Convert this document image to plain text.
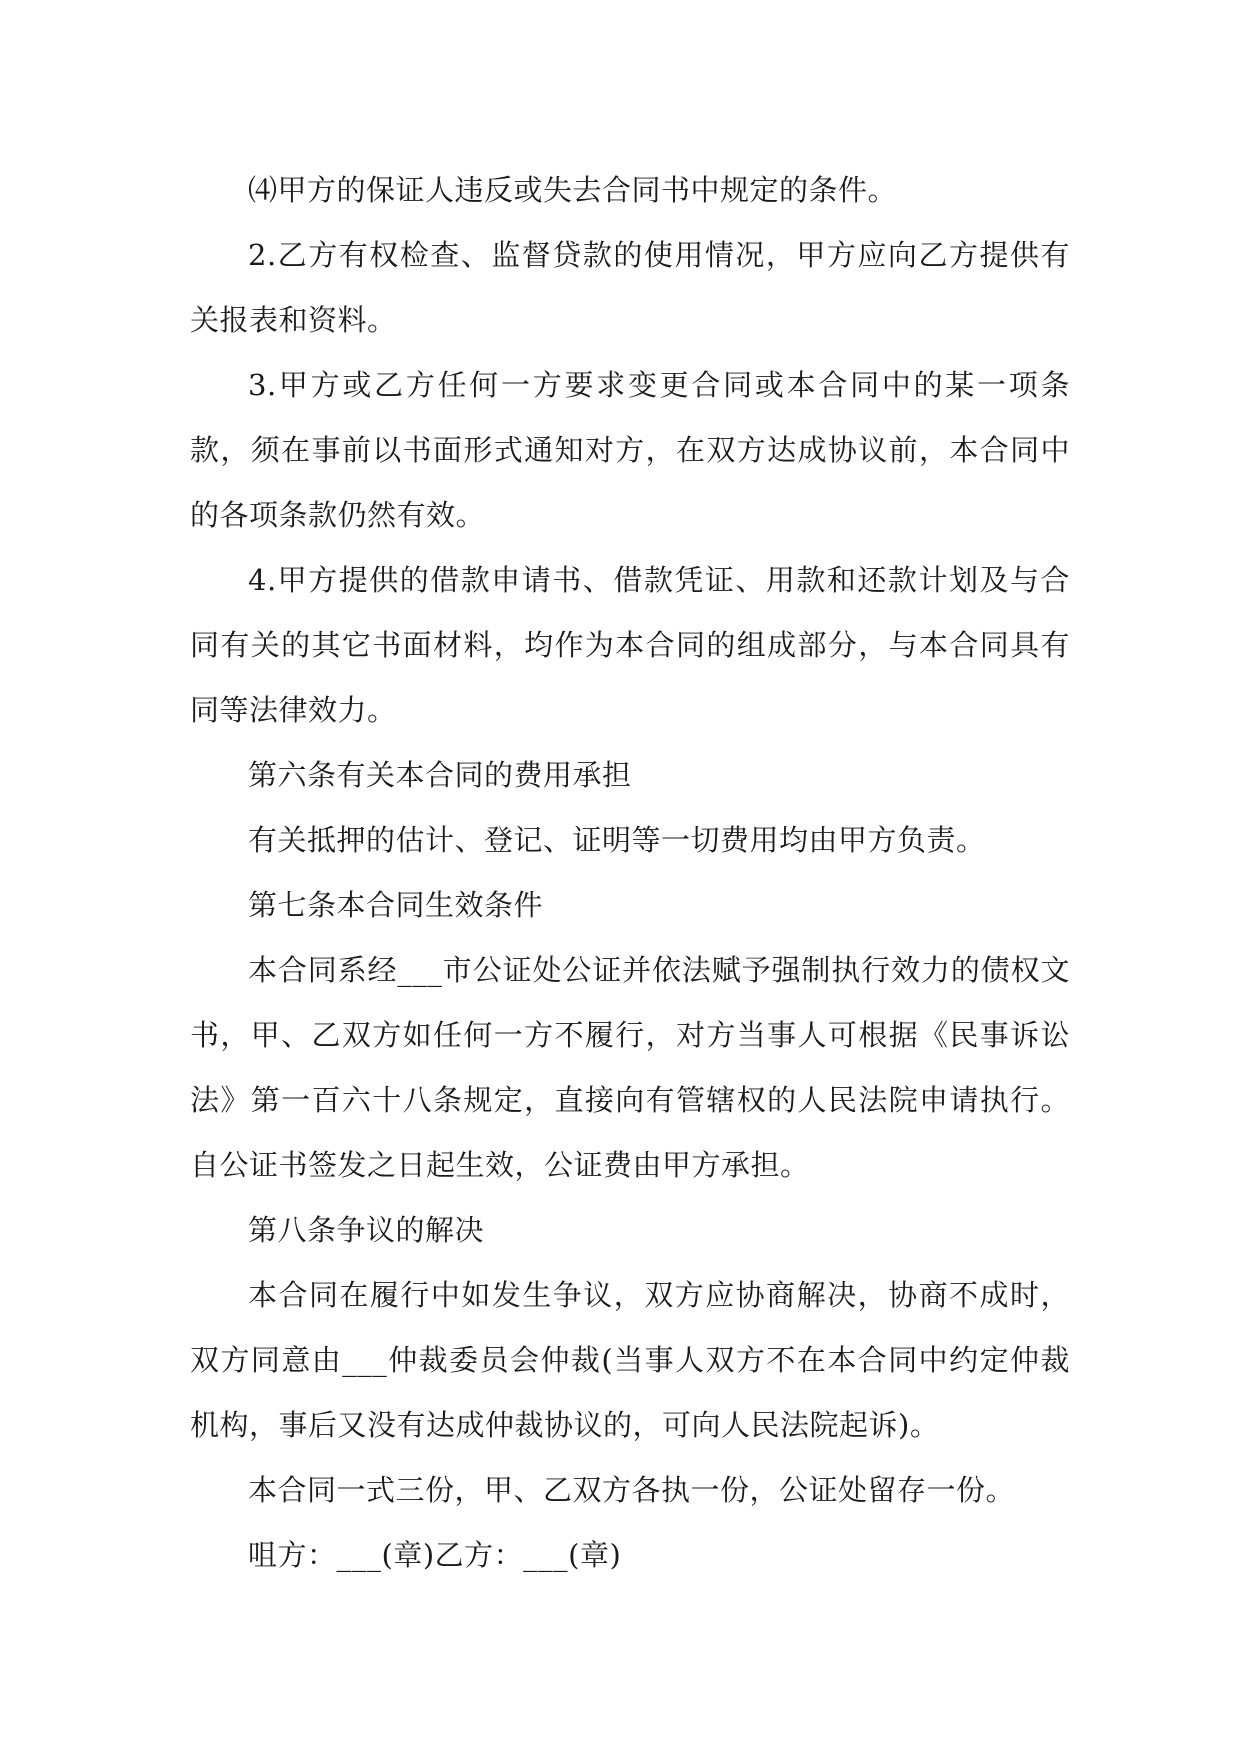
⑷甲方的保证人违反或失去合同书中规定的条件。

2.乙方有权检查、监督贷款的使用情况，甲方应向乙方提供有关报表和资料。

3.甲方或乙方任何一方要求变更合同或本合同中的某一项条款，须在事前以书面形式通知对方，在双方达成协议前，本合同中的各项条款仍然有效。

4.甲方提供的借款申请书、借款凭证、用款和还款计划及与合同有关的其它书面材料，均作为本合同的组成部分，与本合同具有同等法律效力。

第六条有关本合同的费用承担

有关抵押的估计、登记、证明等一切费用均由甲方负责。

第七条本合同生效条件

本合同系经___市公证处公证并依法赋予强制执行效力的债权文书，甲、乙双方如任何一方不履行，对方当事人可根据《民事诉讼法》第一百六十八条规定，直接向有管辖权的人民法院申请执行。自公证书签发之日起生效，公证费由甲方承担。

第八条争议的解决

本合同在履行中如发生争议，双方应协商解决，协商不成时，双方同意由___仲裁委员会仲裁(当事人双方不在本合同中约定仲裁机构，事后又没有达成仲裁协议的，可向人民法院起诉)。

本合同一式三份，甲、乙双方各执一份，公证处留存一份。

咀方：___(章)乙方：___(章)
